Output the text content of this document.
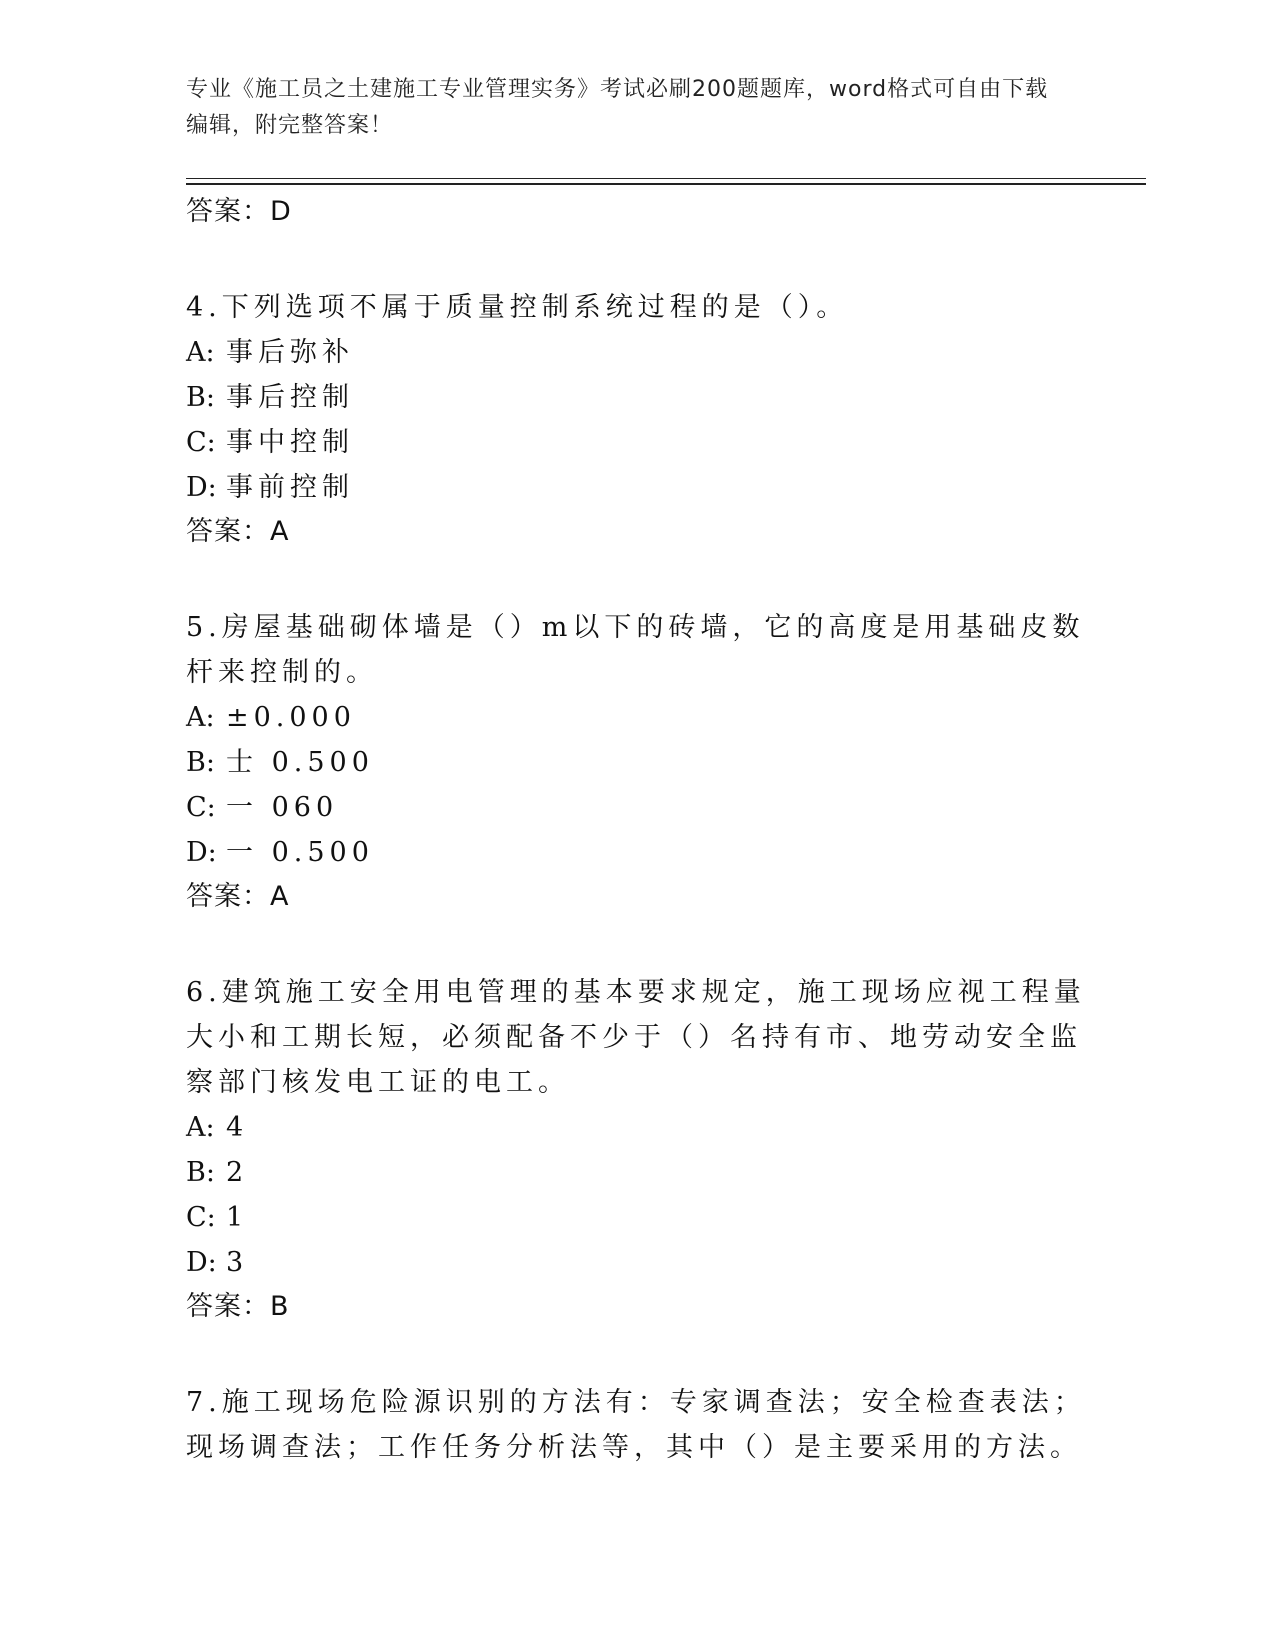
专业《施工员之土建施工专业管理实务》考试必刷200题题库，word格式可自由下载编辑，附完整答案！
答案：D
4.下列选项不属于质量控制系统过程的是（）。
A: 事后弥补
B: 事后控制
C: 事中控制
D: 事前控制
答案：A
5.房屋基础砌体墙是（）m以下的砖墙，它的高度是用基础皮数杆来控制的。
A: ±0.000
B: 士 0.500
C: 一 060
D: 一 0.500
答案：A
6.建筑施工安全用电管理的基本要求规定，施工现场应视工程量大小和工期长短，必须配备不少于（）名持有市、地劳动安全监察部门核发电工证的电工。
A: 4
B: 2
C: 1
D: 3
答案：B
7.施工现场危险源识别的方法有：专家调查法；安全检查表法；现场调查法；工作任务分析法等，其中（）是主要采用的方法。
